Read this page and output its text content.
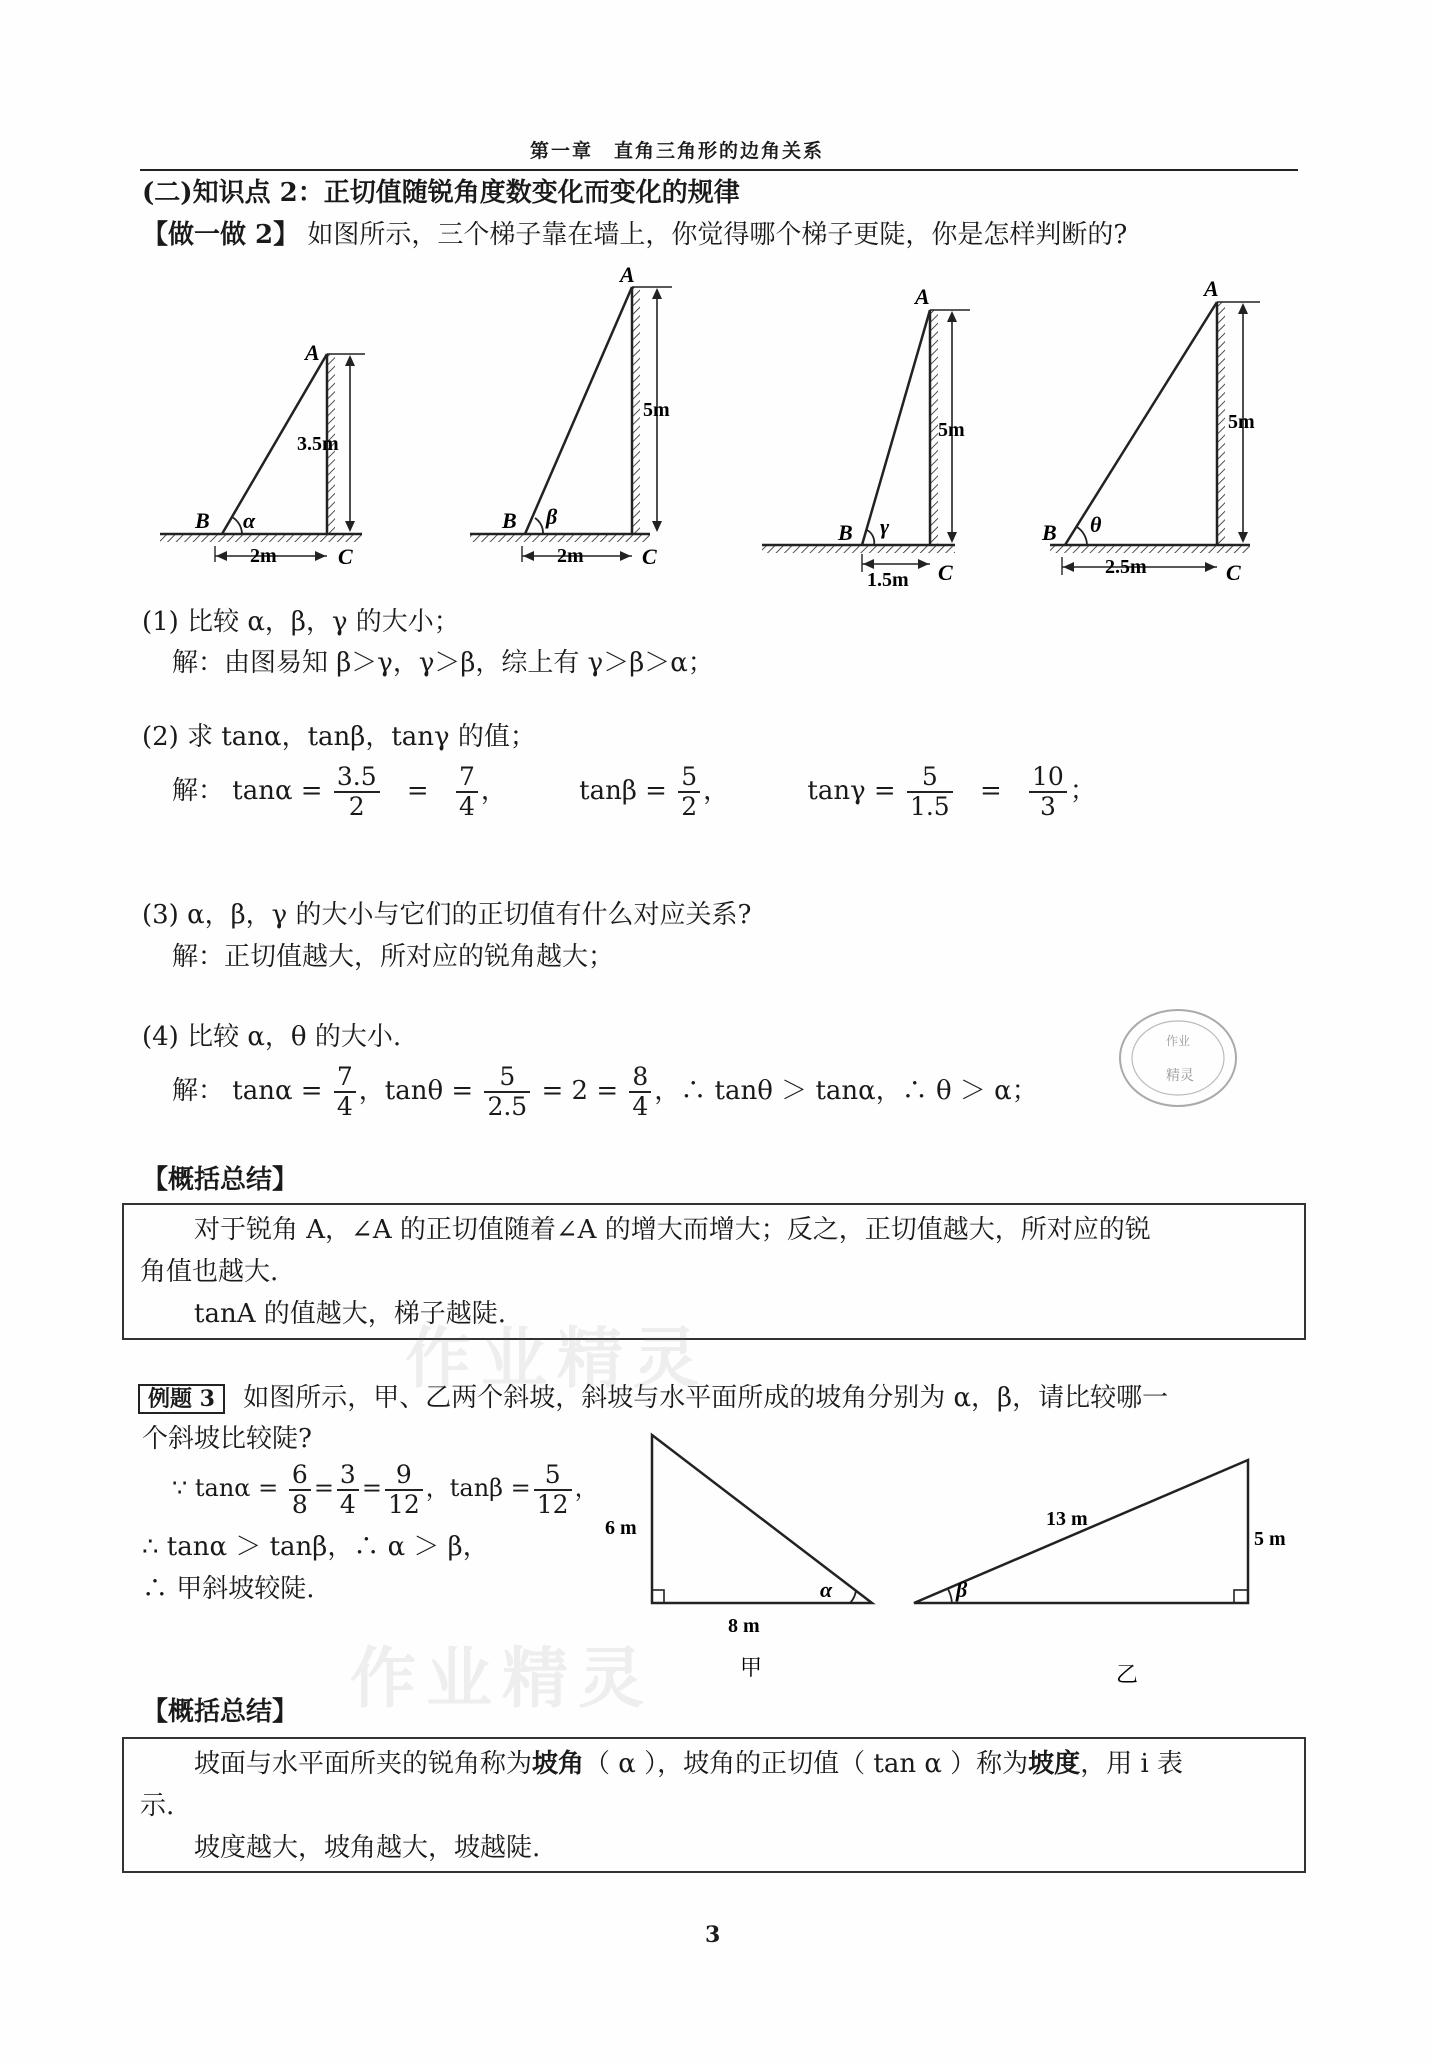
第一章　直角三角形的边角关系
(二)知识点 2：正切值随锐角度数变化而变化的规律
【做一做 2】 如图所示，三个梯子靠在墙上，你觉得哪个梯子更陡，你是怎样判断的?
A
B
C
α
3.5m
2m
A
B
C
β
5m
2m
A
B
C
γ
5m
1.5m
A
B
C
θ
5m
2.5m
(1) 比较 α，β，γ 的大小；
解：由图易知 β＞γ，γ＞β，综上有 γ＞β＞α；
(2) 求 tanα，tanβ，tanγ 的值；
解： $\tan\alpha = \frac{3.5}{2} = \frac{7}{4}$ ，	$\tan\beta = \frac{5}{2}$ ，	$\tan\gamma = \frac{5}{1.5} = \frac{10}{3}$ ；
(3) α，β，γ 的大小与它们的正切值有什么对应关系?
解：正切值越大，所对应的锐角越大；
(4) 比较 α，θ 的大小.
解： $\tan\alpha = \frac{7}{4}$ ，$\tan\theta = \frac{5}{2.5} = 2 = \frac{8}{4}$ ，∴ tanθ ＞ tanα，∴ θ ＞ α；
作业
精灵
【概括总结】
对于锐角 A，∠A 的正切值随着∠A 的增大而增大；反之，正切值越大，所对应的锐
角值也越大.
tanA 的值越大，梯子越陡.
作业精灵
例题 3 如图所示，甲、乙两个斜坡，斜坡与水平面所成的坡角分别为 α，β，请比较哪一
个斜坡比较陡?
∵ $\tan\alpha = \frac{6}{8} = \frac{3}{4} = \frac{9}{12}$ ，$\tan\beta = \frac{5}{12}$ ，
∴ tanα ＞ tanβ，∴ α ＞ β，
∴ 甲斜坡较陡.
6 m
8 m
α
甲
13 m
5 m
β
乙
作业精灵
【概括总结】
坡面与水平面所夹的锐角称为坡角（ α ），坡角的正切值（ tan α ）称为坡度，用 i 表
示.
坡度越大，坡角越大，坡越陡.
3
